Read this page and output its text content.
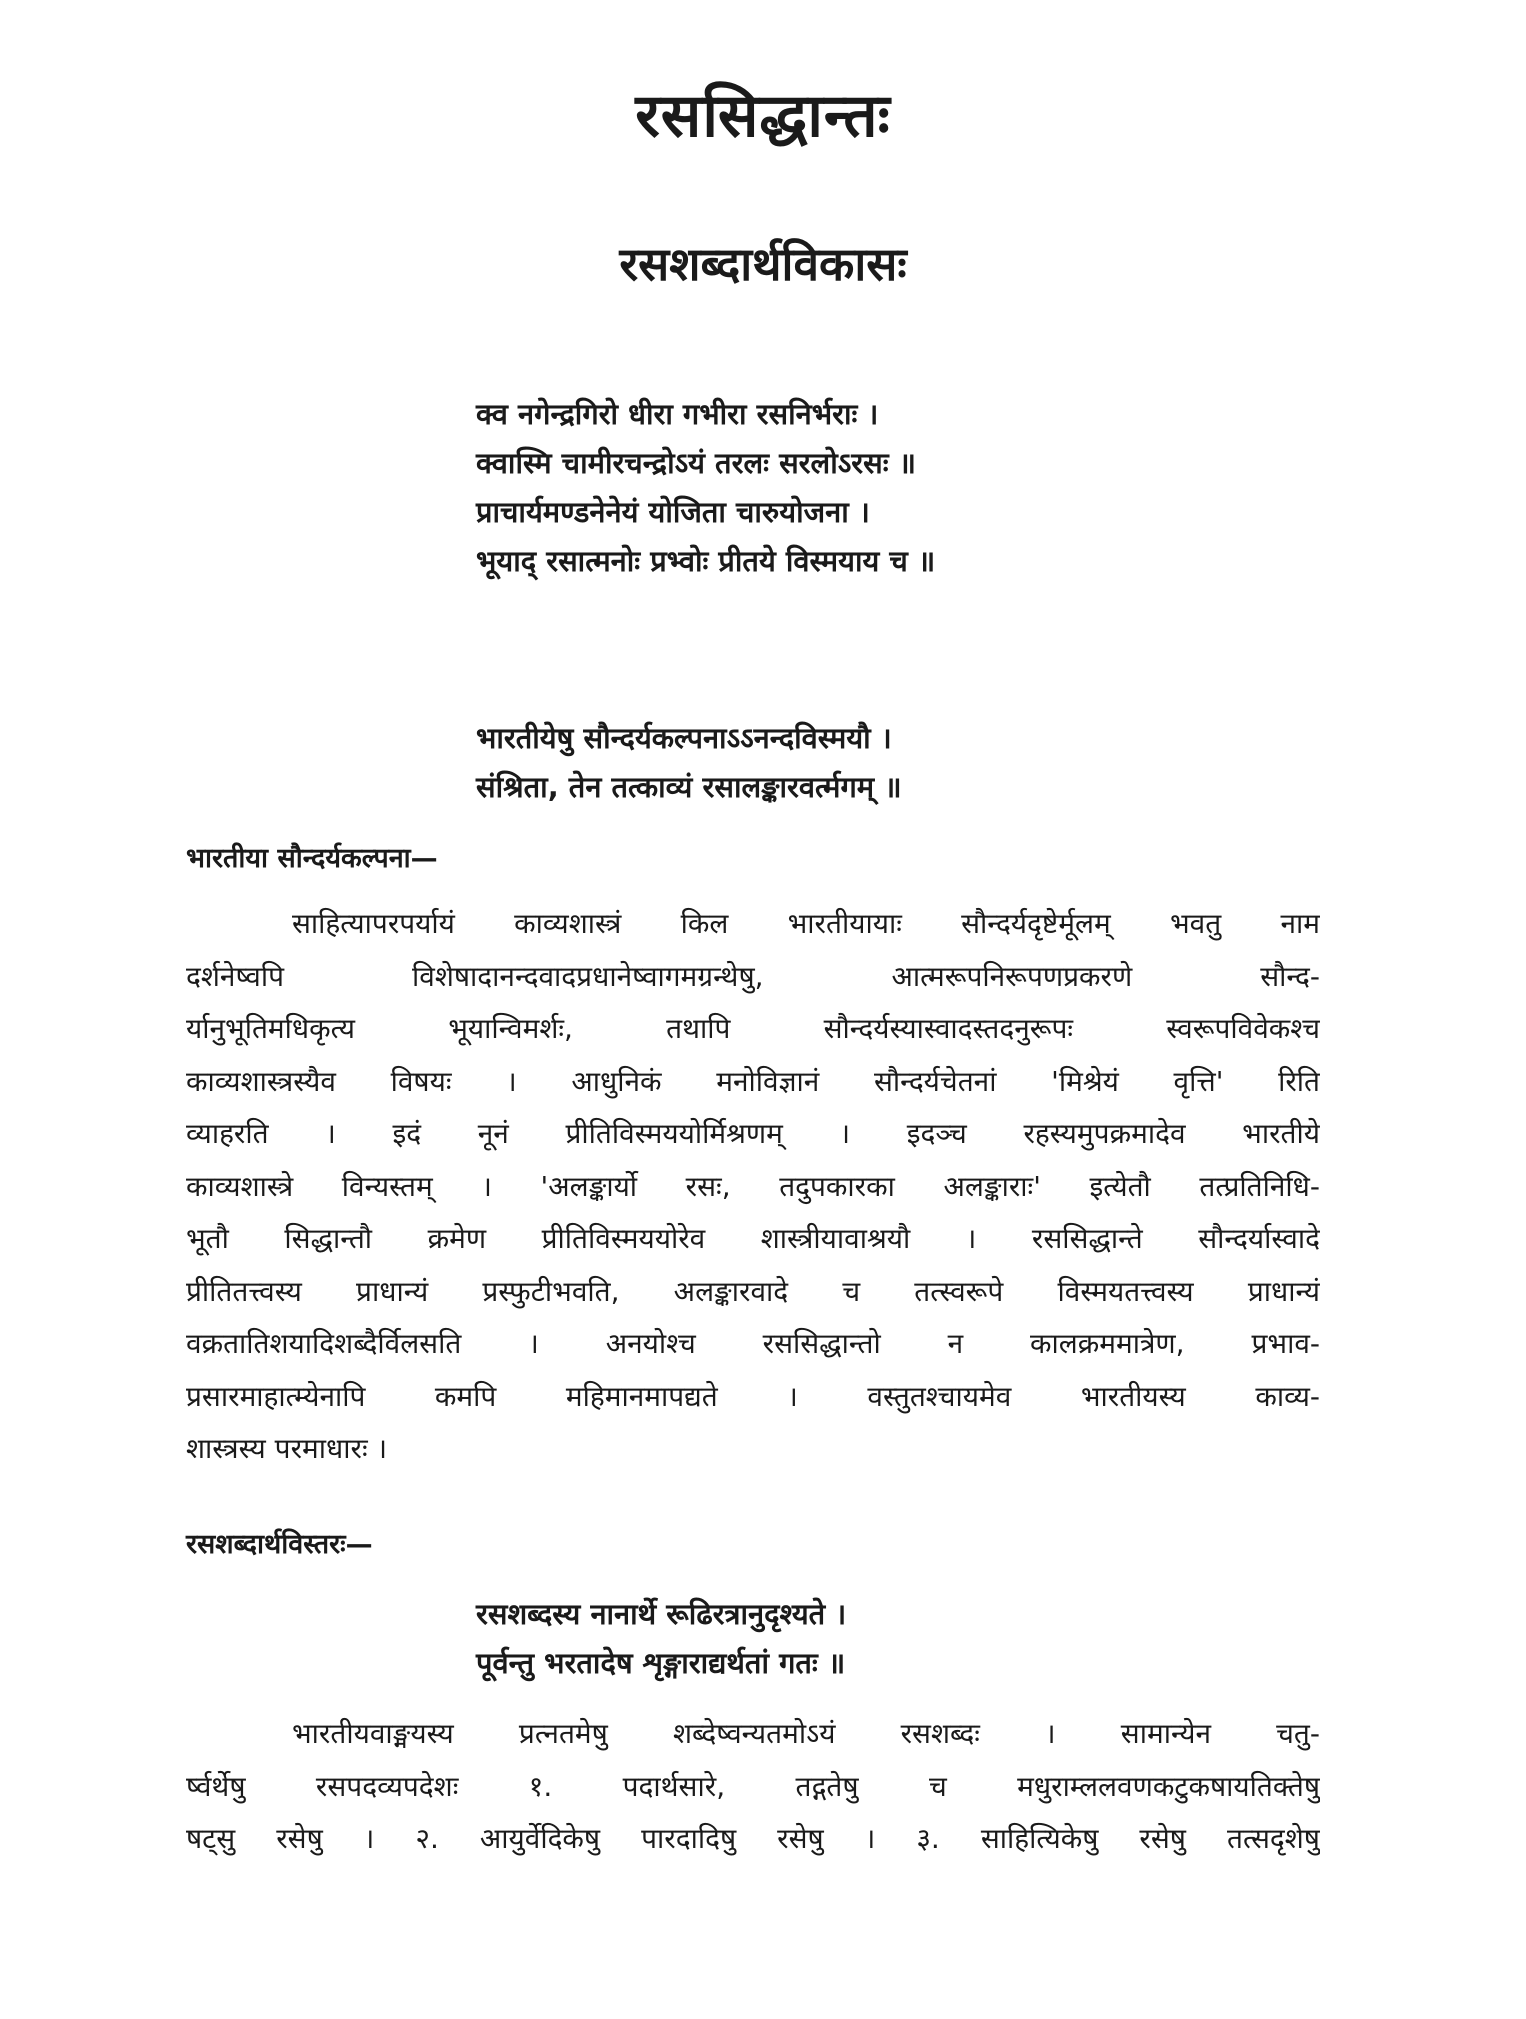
रससिद्धान्तः
रसशब्दार्थविकासः
क्व नगेन्द्रगिरो धीरा गभीरा रसनिर्भराः ।
क्वास्मि चामीरचन्द्रोऽयं तरलः सरलोऽरसः ॥
प्राचार्यमण्डनेनेयं योजिता चारुयोजना ।
भूयाद् रसात्मनोः प्रभ्वोः प्रीतये विस्मयाय च ॥
भारतीयेषु सौन्दर्यकल्पनाऽऽनन्दविस्मयौ ।
संश्रिता, तेन तत्काव्यं रसालङ्कारवर्त्मगम् ॥
भारतीया सौन्दर्यकल्पना—
साहित्यापरपर्यायं काव्यशास्त्रं किल भारतीयायाः सौन्दर्यदृष्टेर्मूलम् भवतु नाम
दर्शनेष्वपि विशेषादानन्दवादप्रधानेष्वागमग्रन्थेषु, आत्मरूपनिरूपणप्रकरणे सौन्द-
र्यानुभूतिमधिकृत्य भूयान्विमर्शः, तथापि सौन्दर्यस्यास्वादस्तदनुरूपः स्वरूपविवेकश्च
काव्यशास्त्रस्यैव विषयः । आधुनिकं मनोविज्ञानं सौन्दर्यचेतनां 'मिश्रेयं वृत्ति' रिति
व्याहरति । इदं नूनं प्रीतिविस्मययोर्मिश्रणम् । इदञ्च रहस्यमुपक्रमादेव भारतीये
काव्यशास्त्रे विन्यस्तम् । 'अलङ्कार्यो रसः, तदुपकारका अलङ्काराः' इत्येतौ तत्प्रतिनिधि-
भूतौ सिद्धान्तौ क्रमेण प्रीतिविस्मययोरेव शास्त्रीयावाश्रयौ । रससिद्धान्ते सौन्दर्यास्वादे
प्रीतितत्त्वस्य प्राधान्यं प्रस्फुटीभवति, अलङ्कारवादे च तत्स्वरूपे विस्मयतत्त्वस्य प्राधान्यं
वक्रतातिशयादिशब्दैर्विलसति । अनयोश्च रससिद्धान्तो न कालक्रममात्रेण, प्रभाव-
प्रसारमाहात्म्येनापि कमपि महिमानमापद्यते । वस्तुतश्चायमेव भारतीयस्य काव्य-
शास्त्रस्य परमाधारः ।
रसशब्दार्थविस्तरः—
रसशब्दस्य नानार्थे रूढिरत्रानुदृश्यते ।
पूर्वन्तु भरतादेष शृङ्गाराद्यर्थतां गतः ॥
भारतीयवाङ्मयस्य प्रत्नतमेषु शब्देष्वन्यतमोऽयं रसशब्दः । सामान्येन चतु-
र्ष्वर्थेषु रसपदव्यपदेशः १. पदार्थसारे, तद्गतेषु च मधुराम्ललवणकटुकषायतिक्तेषु
षट्सु रसेषु । २. आयुर्वेदिकेषु पारदादिषु रसेषु । ३. साहित्यिकेषु रसेषु तत्सदृशेषु
